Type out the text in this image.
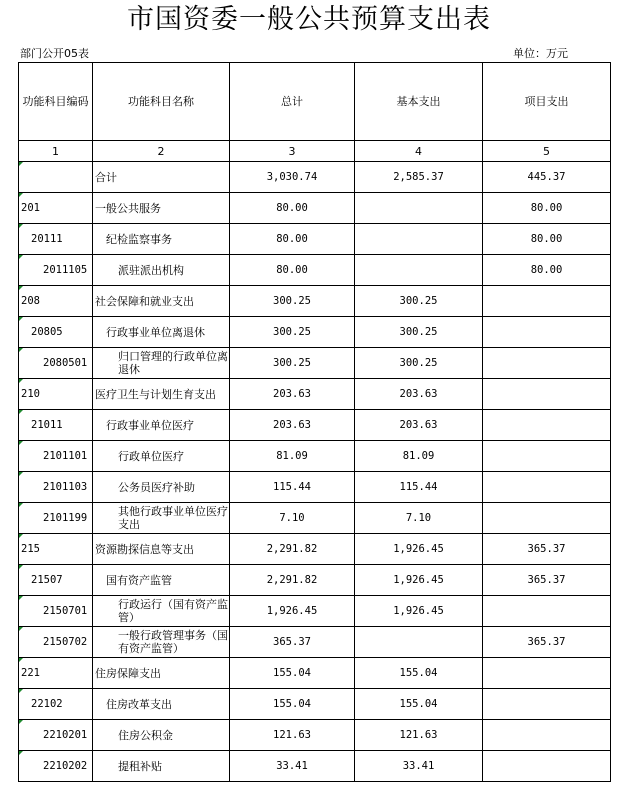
市国资委一般公共预算支出表
部门公开05表	单位：万元
功能科目编码	功能科目名称	总计	基本支出	项目支出
1	2	3	4	5

	合计	3,030.74	2,585.37	445.37
201	一般公共服务	80.00		80.00
20111	纪检监察事务	80.00		80.00
2011105	派驻派出机构	80.00		80.00
208	社会保障和就业支出	300.25	300.25	
20805	行政事业单位离退休	300.25	300.25	
2080501	归口管理的行政单位离退休	300.25	300.25	
210	医疗卫生与计划生育支出	203.63	203.63	
21011	行政事业单位医疗	203.63	203.63	
2101101	行政单位医疗	81.09	81.09	
2101103	公务员医疗补助	115.44	115.44	
2101199	其他行政事业单位医疗支出	7.10	7.10	
215	资源勘探信息等支出	2,291.82	1,926.45	365.37
21507	国有资产监管	2,291.82	1,926.45	365.37
2150701	行政运行（国有资产监管）	1,926.45	1,926.45	
2150702	一般行政管理事务（国有资产监管）	365.37		365.37
221	住房保障支出	155.04	155.04	
22102	住房改革支出	155.04	155.04	
2210201	住房公积金	121.63	121.63	
2210202	提租补贴	33.41	33.41	
